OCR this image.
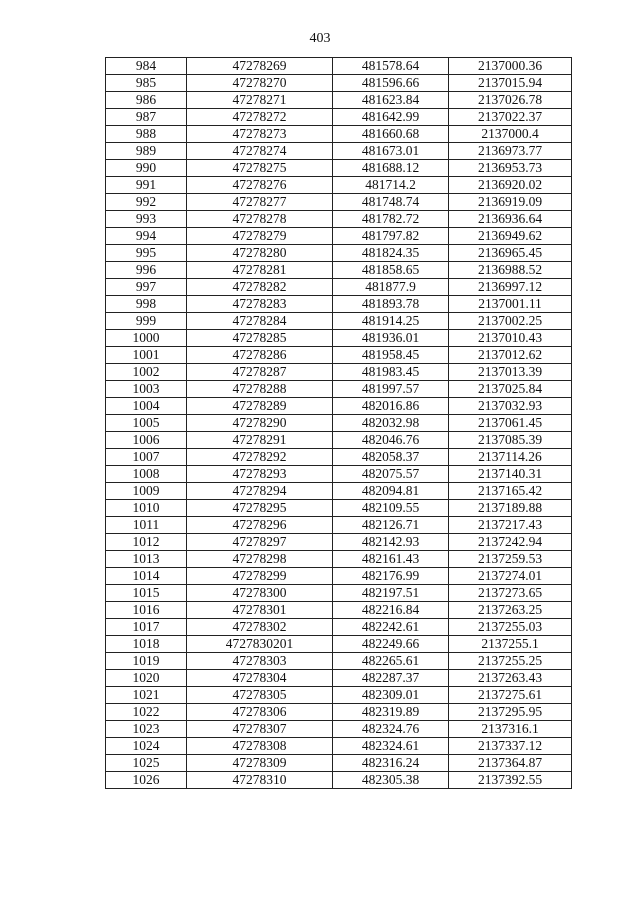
403
984	47278269	481578.64	2137000.36
985	47278270	481596.66	2137015.94
986	47278271	481623.84	2137026.78
987	47278272	481642.99	2137022.37
988	47278273	481660.68	2137000.4
989	47278274	481673.01	2136973.77
990	47278275	481688.12	2136953.73
991	47278276	481714.2	2136920.02
992	47278277	481748.74	2136919.09
993	47278278	481782.72	2136936.64
994	47278279	481797.82	2136949.62
995	47278280	481824.35	2136965.45
996	47278281	481858.65	2136988.52
997	47278282	481877.9	2136997.12
998	47278283	481893.78	2137001.11
999	47278284	481914.25	2137002.25
1000	47278285	481936.01	2137010.43
1001	47278286	481958.45	2137012.62
1002	47278287	481983.45	2137013.39
1003	47278288	481997.57	2137025.84
1004	47278289	482016.86	2137032.93
1005	47278290	482032.98	2137061.45
1006	47278291	482046.76	2137085.39
1007	47278292	482058.37	2137114.26
1008	47278293	482075.57	2137140.31
1009	47278294	482094.81	2137165.42
1010	47278295	482109.55	2137189.88
1011	47278296	482126.71	2137217.43
1012	47278297	482142.93	2137242.94
1013	47278298	482161.43	2137259.53
1014	47278299	482176.99	2137274.01
1015	47278300	482197.51	2137273.65
1016	47278301	482216.84	2137263.25
1017	47278302	482242.61	2137255.03
1018	4727830201	482249.66	2137255.1
1019	47278303	482265.61	2137255.25
1020	47278304	482287.37	2137263.43
1021	47278305	482309.01	2137275.61
1022	47278306	482319.89	2137295.95
1023	47278307	482324.76	2137316.1
1024	47278308	482324.61	2137337.12
1025	47278309	482316.24	2137364.87
1026	47278310	482305.38	2137392.55
